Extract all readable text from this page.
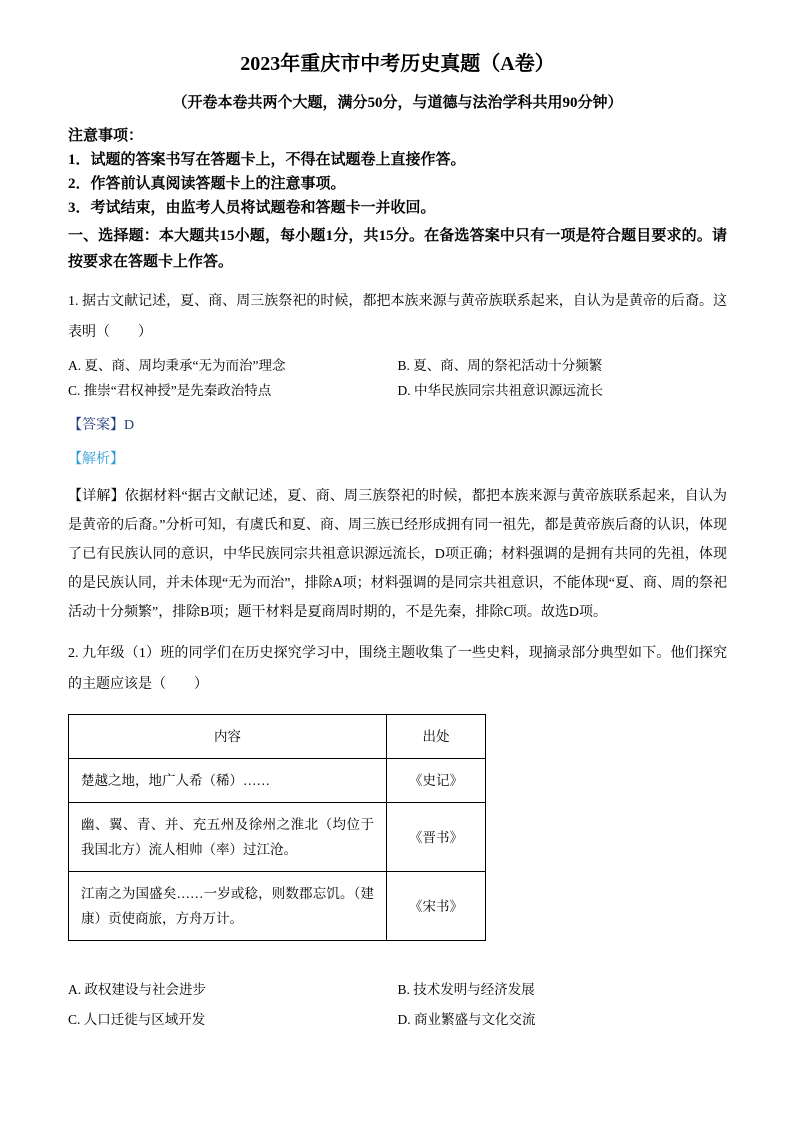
2023年重庆市中考历史真题（A卷）
（开卷本卷共两个大题，满分50分，与道德与法治学科共用90分钟）
注意事项：
1．试题的答案书写在答题卡上，不得在试题卷上直接作答。
2．作答前认真阅读答题卡上的注意事项。
3．考试结束，由监考人员将试题卷和答题卡一并收回。
一、选择题：本大题共15小题，每小题1分，共15分。在备选答案中只有一项是符合题目要求的。请按要求在答题卡上作答。
1. 据古文献记述，夏、商、周三族祭祀的时候，都把本族来源与黄帝族联系起来，自认为是黄帝的后裔。这表明（　　）
A. 夏、商、周均秉承“无为而治”理念	B. 夏、商、周的祭祀活动十分频繁
C. 推崇“君权神授”是先秦政治特点	D. 中华民族同宗共祖意识源远流长
【答案】D
【解析】
【详解】依据材料“据古文献记述，夏、商、周三族祭祀的时候，都把本族来源与黄帝族联系起来，自认为是黄帝的后裔。”分析可知，有虞氏和夏、商、周三族已经形成拥有同一祖先，都是黄帝族后裔的认识，体现了已有民族认同的意识，中华民族同宗共祖意识源远流长，D项正确；材料强调的是拥有共同的先祖，体现的是民族认同，并未体现“无为而治”，排除A项；材料强调的是同宗共祖意识，不能体现“夏、商、周的祭祀活动十分频繁”，排除B项；题干材料是夏商周时期的，不是先秦，排除C项。故选D项。
2. 九年级（1）班的同学们在历史探究学习中，围绕主题收集了一些史料，现摘录部分典型如下。他们探究的主题应该是（　　）
内容	出处
楚越之地，地广人希（稀）……	《史记》
幽、翼、青、并、充五州及徐州之淮北（均位于我国北方）流人相帅（率）过江沧。	《晋书》
江南之为国盛矣……一岁或稔，则数郡忘饥。（建康）贡使商旅，方舟万计。	《宋书》
A. 政权建设与社会进步	B. 技术发明与经济发展
C. 人口迁徙与区域开发	D. 商业繁盛与文化交流
